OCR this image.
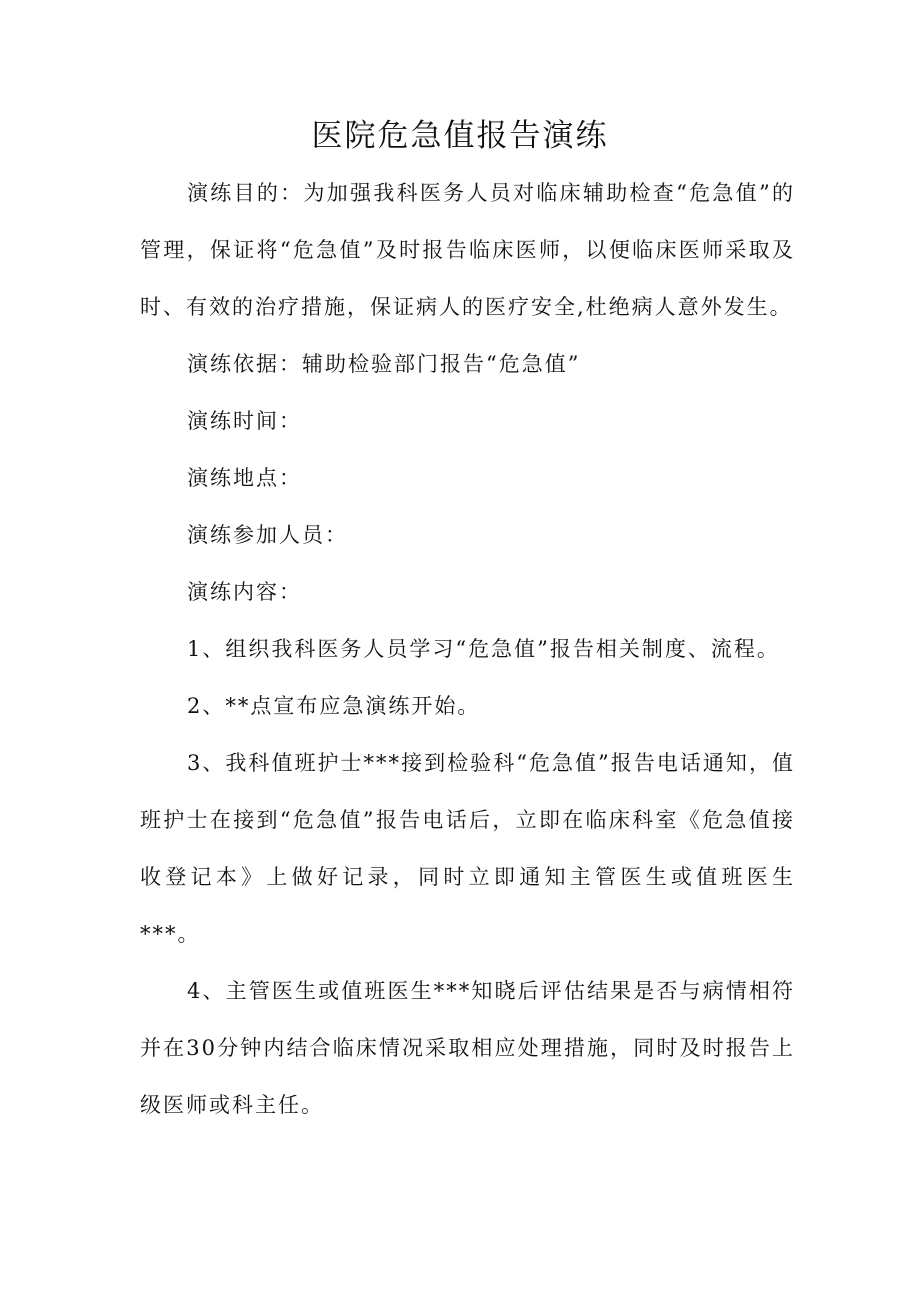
医院危急值报告演练

演练目的：为加强我科医务人员对临床辅助检查“危急值”的管理，保证将“危急值”及时报告临床医师，以便临床医师采取及时、有效的治疗措施，保证病人的医疗安全,杜绝病人意外发生。

演练依据：辅助检验部门报告“危急值”

演练时间：

演练地点：

演练参加人员：

演练内容：

1、组织我科医务人员学习“危急值”报告相关制度、流程。

2、**点宣布应急演练开始。

3、我科值班护士***接到检验科“危急值”报告电话通知，值班护士在接到“危急值”报告电话后，立即在临床科室《危急值接收登记本》上做好记录，同时立即通知主管医生或值班医生***。

4、主管医生或值班医生***知晓后评估结果是否与病情相符并在30分钟内结合临床情况采取相应处理措施，同时及时报告上级医师或科主任。
